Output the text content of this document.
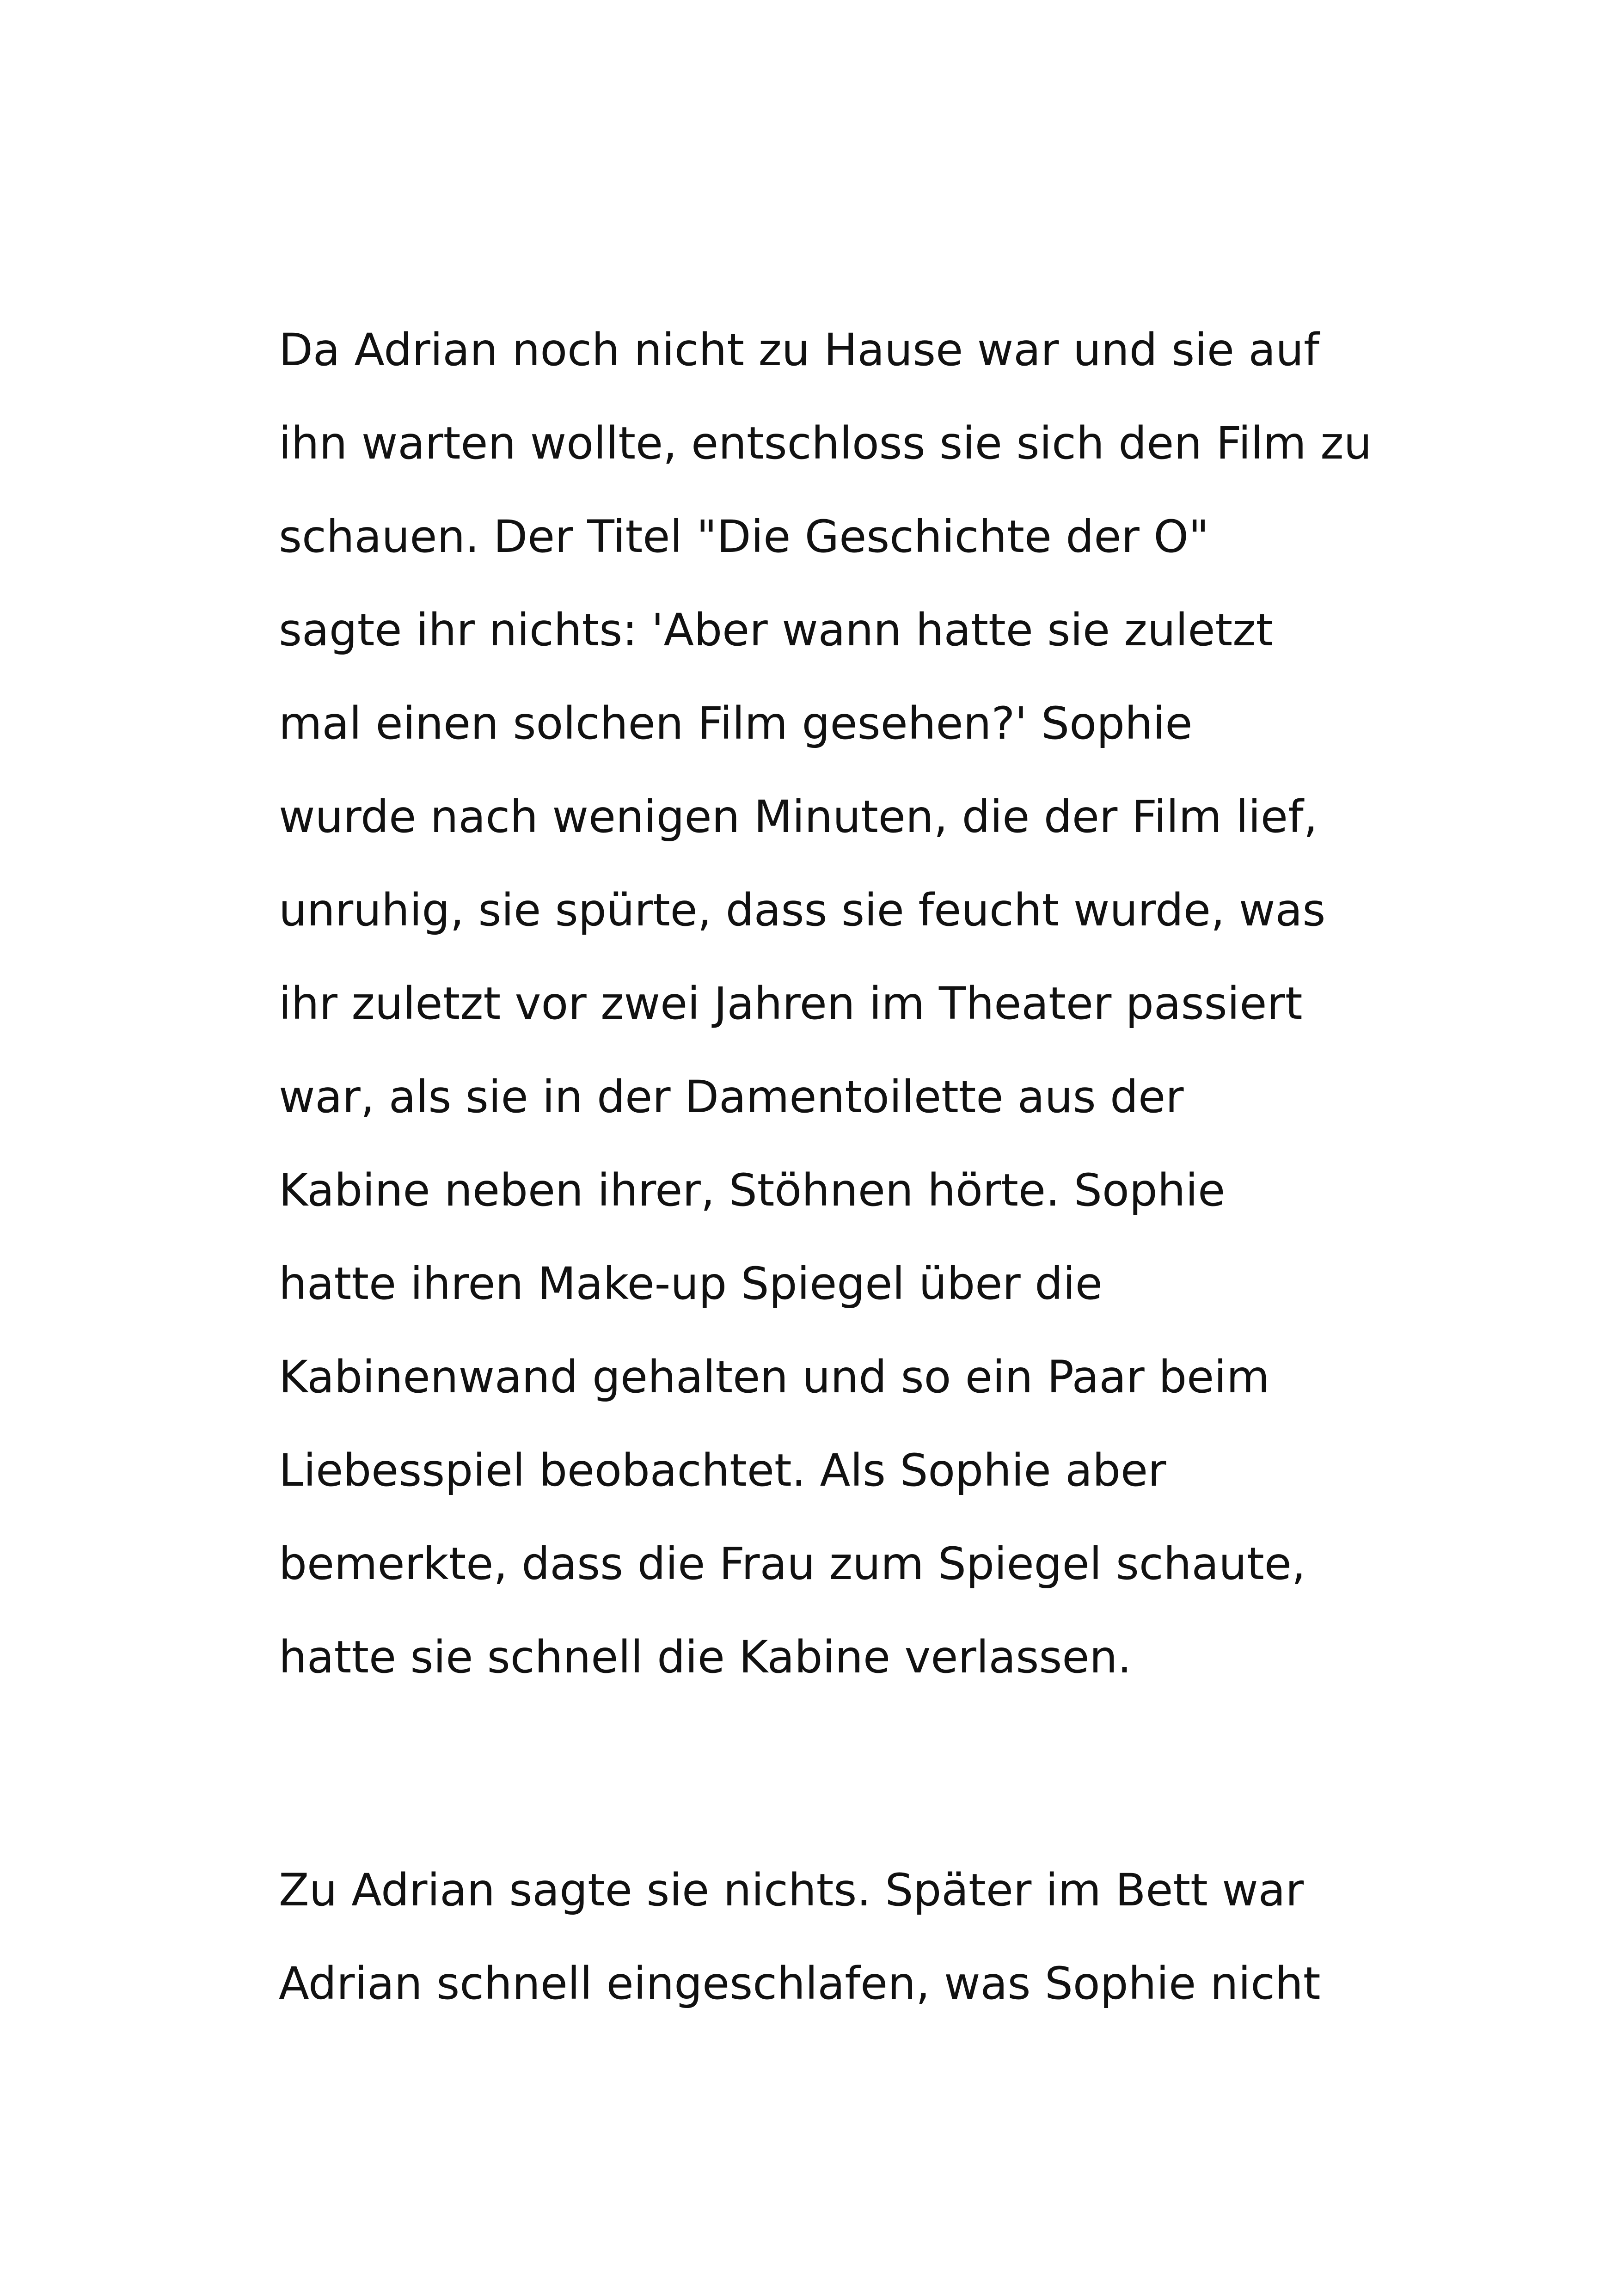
Da Adrian noch nicht zu Hause war und sie auf
ihn warten wollte, entschloss sie sich den Film zu
schauen. Der Titel "Die Geschichte der O"
sagte ihr nichts: 'Aber wann hatte sie zuletzt
mal einen solchen Film gesehen?' Sophie
wurde nach wenigen Minuten, die der Film lief,
unruhig, sie spürte, dass sie feucht wurde, was
ihr zuletzt vor zwei Jahren im Theater passiert
war, als sie in der Damentoilette aus der
Kabine neben ihrer, Stöhnen hörte. Sophie
hatte ihren Make-up Spiegel über die
Kabinenwand gehalten und so ein Paar beim
Liebesspiel beobachtet. Als Sophie aber
bemerkte, dass die Frau zum Spiegel schaute,
hatte sie schnell die Kabine verlassen.
Zu Adrian sagte sie nichts. Später im Bett war
Adrian schnell eingeschlafen, was Sophie nicht
